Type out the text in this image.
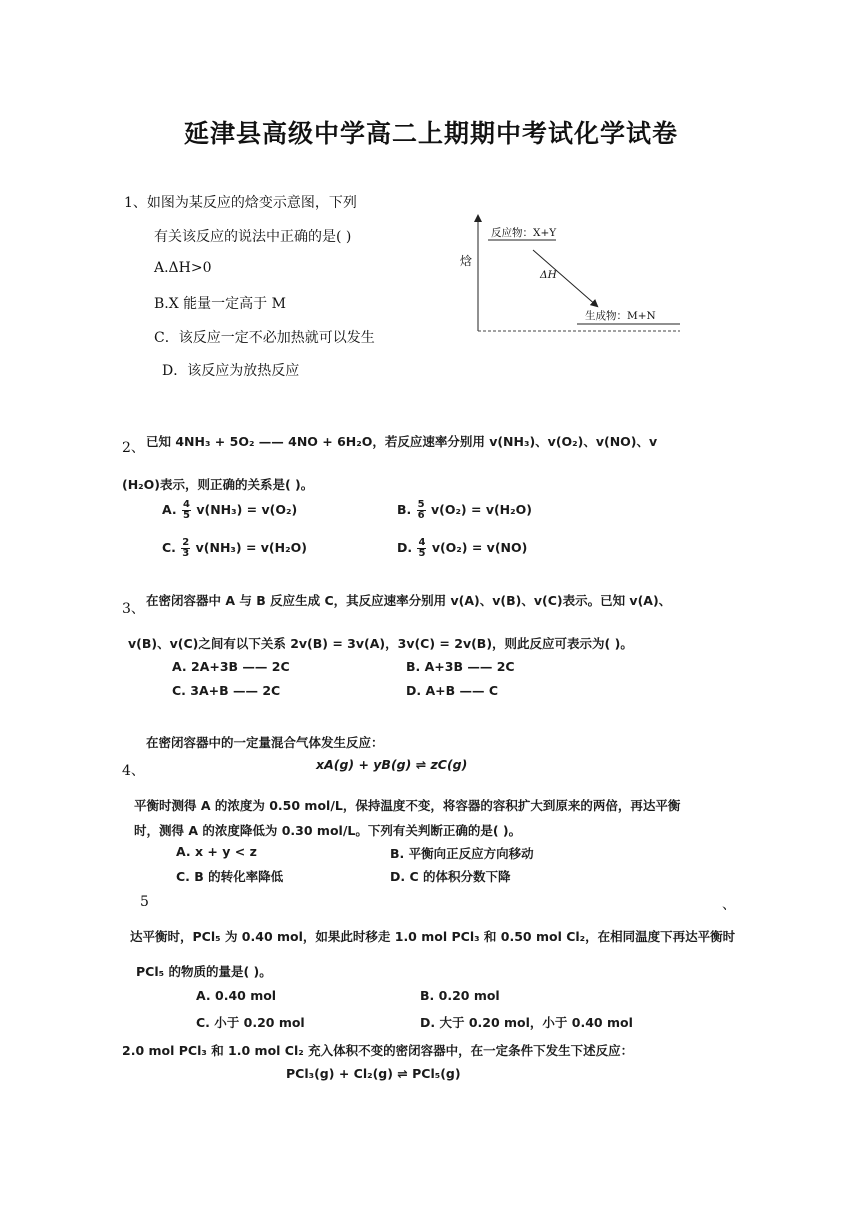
延津县高级中学高二上期期中考试化学试卷
1、如图为某反应的焓变示意图，下列
有关该反应的说法中正确的是( )
A.ΔH>0
B.X 能量一定高于 M
C．该反应一定不必加热就可以发生
D．该反应为放热反应
焓
反应物：X+Y
ΔH
生成物：M+N
2、 已知 4NH₃ + 5O₂ —— 4NO + 6H₂O，若反应速率分别用 v(NH₃)、v(O₂)、v(NO)、v
(H₂O)表示，则正确的关系是( )。
A. $\frac{4}{5} v(NH_3) = v(O_2)$	B. $\frac{5}{6} v(O_2) = v(H_2O)$
C. $\frac{2}{3} v(NH_3) = v(H_2O)$	D. $\frac{4}{5} v(O_2) = v(NO)$
3、
在密闭容器中 A 与 B 反应生成 C，其反应速率分别用 v(A)、v(B)、v(C)表示。已知 v(A)、
v(B)、v(C)之间有以下关系 2v(B) = 3v(A)，3v(C) = 2v(B)，则此反应可表示为( )。
A. 2A+3B —— 2C	B. A+3B —— 2C
C. 3A+B —— 2C	D. A+B —— C
在密闭容器中的一定量混合气体发生反应：
4、	xA(g) + yB(g) ⇌ zC(g)
平衡时测得 A 的浓度为 0.50 mol/L，保持温度不变，将容器的容积扩大到原来的两倍，再达平衡
时，测得 A 的浓度降低为 0.30 mol/L。下列有关判断正确的是( )。
A. x + y < z	B. 平衡向正反应方向移动
C. B 的转化率降低	D. C 的体积分数下降
5	、
达平衡时，PCl₅ 为 0.40 mol，如果此时移走 1.0 mol PCl₃ 和 0.50 mol Cl₂，在相同温度下再达平衡时
PCl₅ 的物质的量是( )。
A. 0.40 mol	B. 0.20 mol
C. 小于 0.20 mol	D. 大于 0.20 mol，小于 0.40 mol
2.0 mol PCl₃ 和 1.0 mol Cl₂ 充入体积不变的密闭容器中，在一定条件下发生下述反应：
PCl₃(g) + Cl₂(g) ⇌ PCl₅(g)
